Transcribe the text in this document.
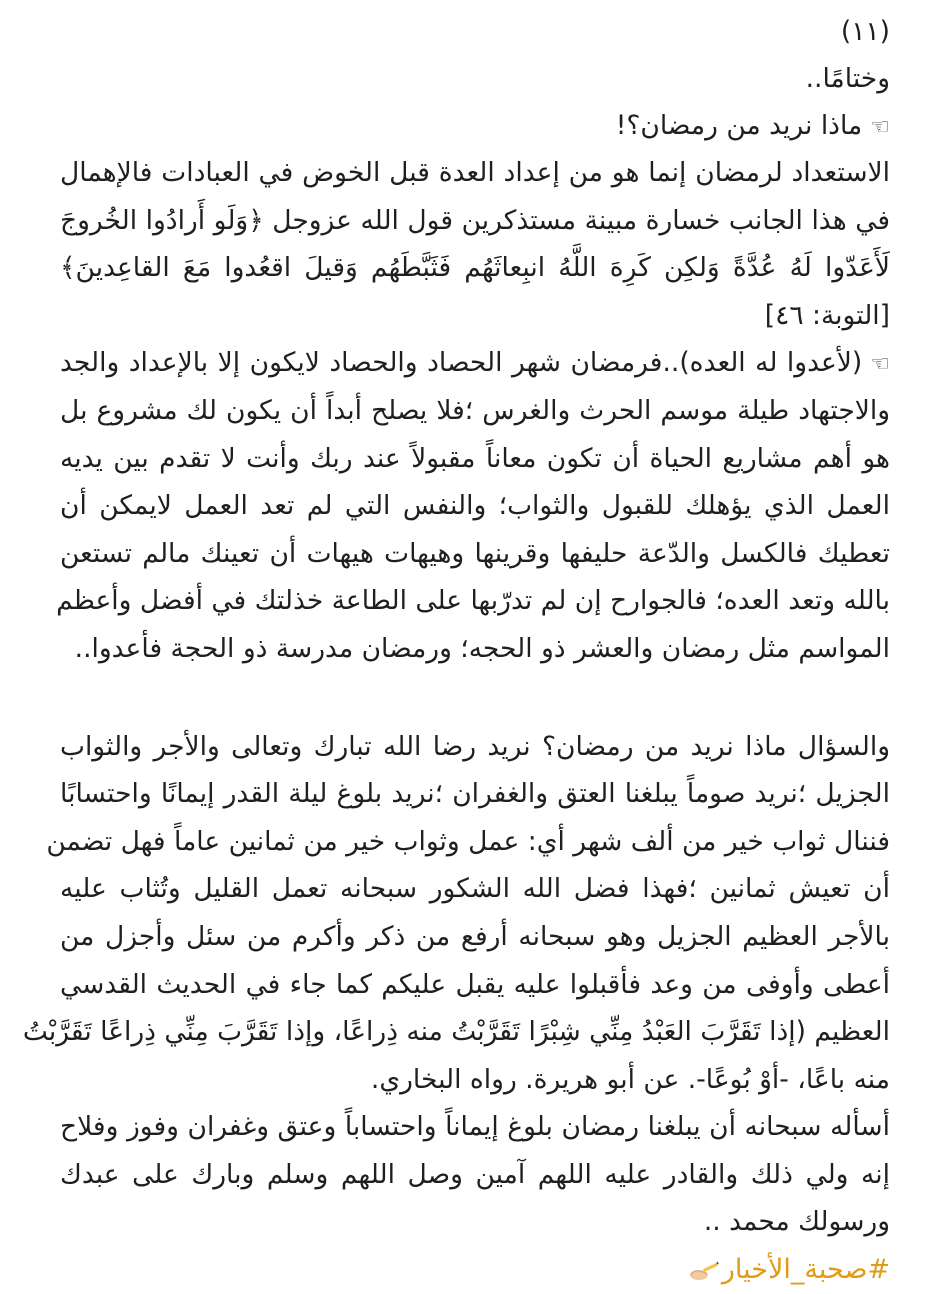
(١١)
وختامًا..
☜ماذا نريد من رمضان؟!
الاستعداد لرمضان إنما هو من إعداد العدة قبل الخوض في العبادات فالإهمال
في هذا الجانب خسارة مبينة مستذكرين قول الله عزوجل ﴿وَلَو أَرادُوا الخُروجَ
لَأَعَدّوا لَهُ عُدَّةً وَلكِن كَرِهَ اللَّهُ انبِعاثَهُم فَثَبَّطَهُم وَقيلَ اقعُدوا مَعَ القاعِدينَ﴾
[التوبة: ٤٦]
☜(لأعدوا له العده)..فرمضان شهر الحصاد والحصاد لايكون إلا بالإعداد والجد
والاجتهاد طيلة موسم الحرث والغرس ؛فلا يصلح أبداً أن يكون لك مشروع بل
هو أهم مشاريع الحياة أن تكون معاناً مقبولاً عند ربك وأنت لا تقدم بين يديه
العمل الذي يؤهلك للقبول والثواب؛ والنفس التي لم تعد العمل لايمكن أن
تعطيك فالكسل والدّعة حليفها وقرينها وهيهات هيهات أن تعينك مالم تستعن
بالله وتعد العده؛ فالجوارح إن لم تدرّبها على الطاعة خذلتك في أفضل وأعظم
المواسم مثل رمضان والعشر ذو الحجه؛ ورمضان مدرسة ذو الحجة فأعدوا..
والسؤال ماذا نريد من رمضان؟ نريد رضا الله تبارك وتعالى والأجر والثواب
الجزيل ؛نريد صوماً يبلغنا العتق والغفران ؛نريد بلوغ ليلة القدر إيمانًا واحتسابًا
فننال ثواب خير من ألف شهر أي: عمل وثواب خير من ثمانين عاماً فهل تضمن
أن تعيش ثمانين ؛فهذا فضل الله الشكور سبحانه تعمل القليل وتُثاب عليه
بالأجر العظيم الجزيل وهو سبحانه أرفع من ذكر وأكرم من سئل وأجزل من
أعطى وأوفى من وعد فأقبلوا عليه يقبل عليكم كما جاء في الحديث القدسي
العظيم (إذا تَقَرَّبَ العَبْدُ مِنِّي شِبْرًا تَقَرَّبْتُ منه ذِراعًا، وإذا تَقَرَّبَ مِنِّي ذِراعًا تَقَرَّبْتُ
منه باعًا، -أوْ بُوعًا-. عن أبو هريرة. رواه البخاري.
أسأله سبحانه أن يبلغنا رمضان بلوغ إيماناً واحتساباً وعتق وغفران وفوز وفلاح
إنه ولي ذلك والقادر عليه اللهم آمين وصل اللهم وسلم وبارك على عبدك
ورسولك محمد ..
#صحبة_الأخيار
